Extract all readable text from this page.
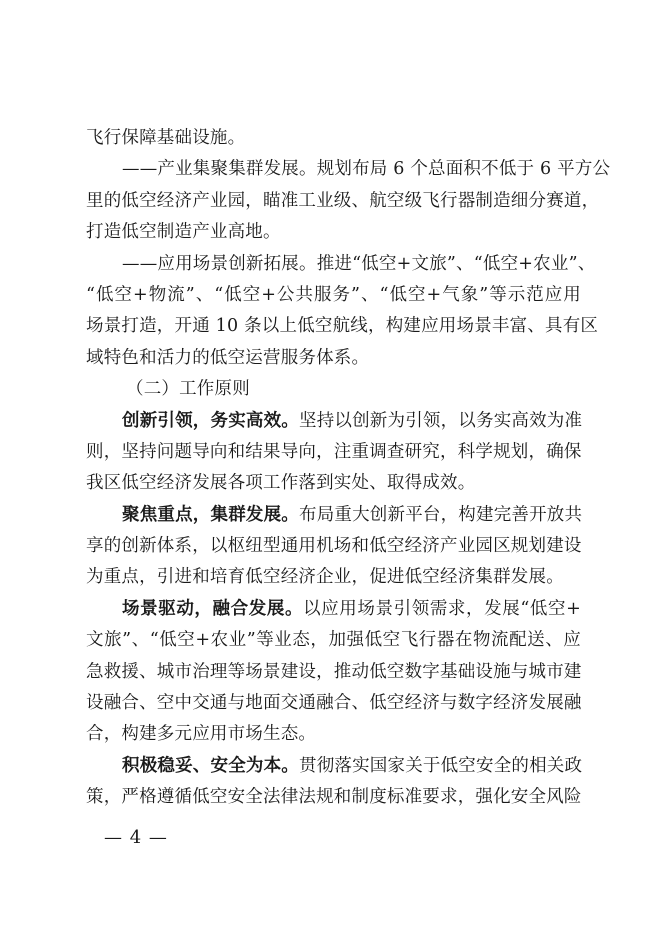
飞行保障基础设施。
——产业集聚集群发展。规划布局 6 个总面积不低于 6 平方公
里的低空经济产业园，瞄准工业级、航空级飞行器制造细分赛道，
打造低空制造产业高地。
——应用场景创新拓展。推进“低空+文旅”、“低空+农业”、
“低空+物流”、“低空+公共服务”、“低空+气象”等示范应用
场景打造，开通 10 条以上低空航线，构建应用场景丰富、具有区
域特色和活力的低空运营服务体系。
（二）工作原则
创新引领，务实高效。坚持以创新为引领，以务实高效为准
则，坚持问题导向和结果导向，注重调查研究，科学规划，确保
我区低空经济发展各项工作落到实处、取得成效。
聚焦重点，集群发展。布局重大创新平台，构建完善开放共
享的创新体系，以枢纽型通用机场和低空经济产业园区规划建设
为重点，引进和培育低空经济企业，促进低空经济集群发展。
场景驱动，融合发展。以应用场景引领需求，发展“低空+
文旅”、“低空+农业”等业态，加强低空飞行器在物流配送、应
急救援、城市治理等场景建设，推动低空数字基础设施与城市建
设融合、空中交通与地面交通融合、低空经济与数字经济发展融
合，构建多元应用市场生态。
积极稳妥、安全为本。贯彻落实国家关于低空安全的相关政
策，严格遵循低空安全法律法规和制度标准要求，强化安全风险
— 4 —
